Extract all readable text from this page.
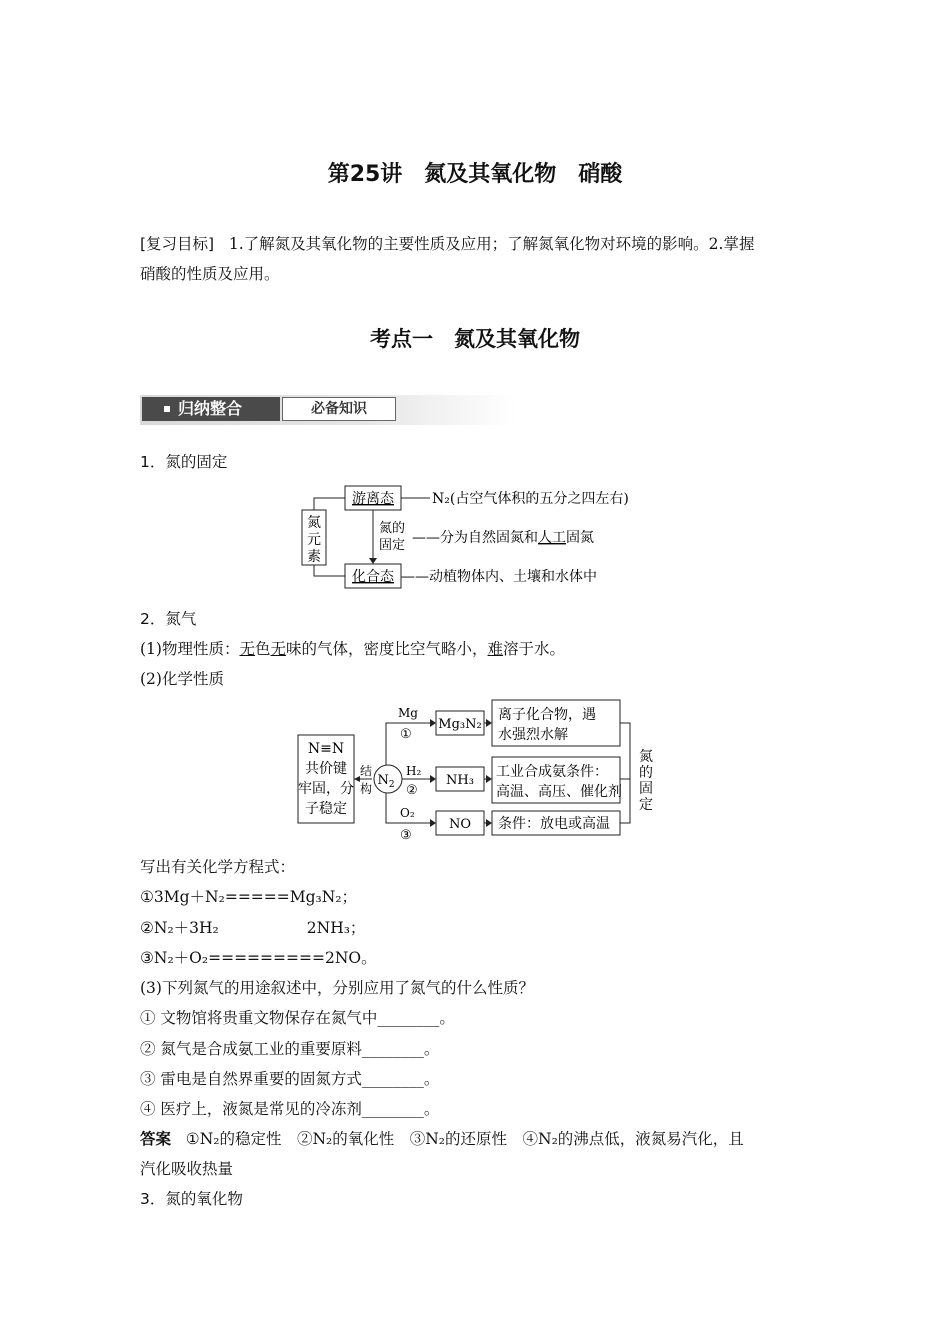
第25讲　氮及其氧化物　硝酸
[复习目标] 1.了解氮及其氧化物的主要性质及应用；了解氮氧化物对环境的影响。2.掌握
硝酸的性质及应用。
考点一　氮及其氧化物
归纳整合	必备知识
1．氮的固定
氮
元
素
游离态
化合态
氮的
固定
N₂(占空气体积的五分之四左右)
——分为自然固氮和人工固氮
——动植物体内、土壤和水体中
2．氮气
(1)物理性质：无色无味的气体，密度比空气略小，难溶于水。
(2)化学性质
N≡N
共价键
牢固，分
子稳定
结
构
$N_2$
Mg
①
H₂
②
O₂
③
Mg₃N₂
NH₃
NO
离子化合物，遇
水强烈水解
工业合成氨条件：
高温、高压、催化剂
条件：放电或高温
氮
的
固
定
写出有关化学方程式：
①3Mg＋N₂=====Mg₃N₂；
②N₂＋3H₂	2NH₃；
③N₂＋O₂=========2NO。
(3)下列氮气的用途叙述中，分别应用了氮气的什么性质？
① 文物馆将贵重文物保存在氮气中________。
② 氮气是合成氨工业的重要原料________。
③ 雷电是自然界重要的固氮方式________。
④ 医疗上，液氮是常见的冷冻剂________。
答案 ①N₂的稳定性　②N₂的氧化性　③N₂的还原性　④N₂的沸点低，液氮易汽化，且
汽化吸收热量
3．氮的氧化物
